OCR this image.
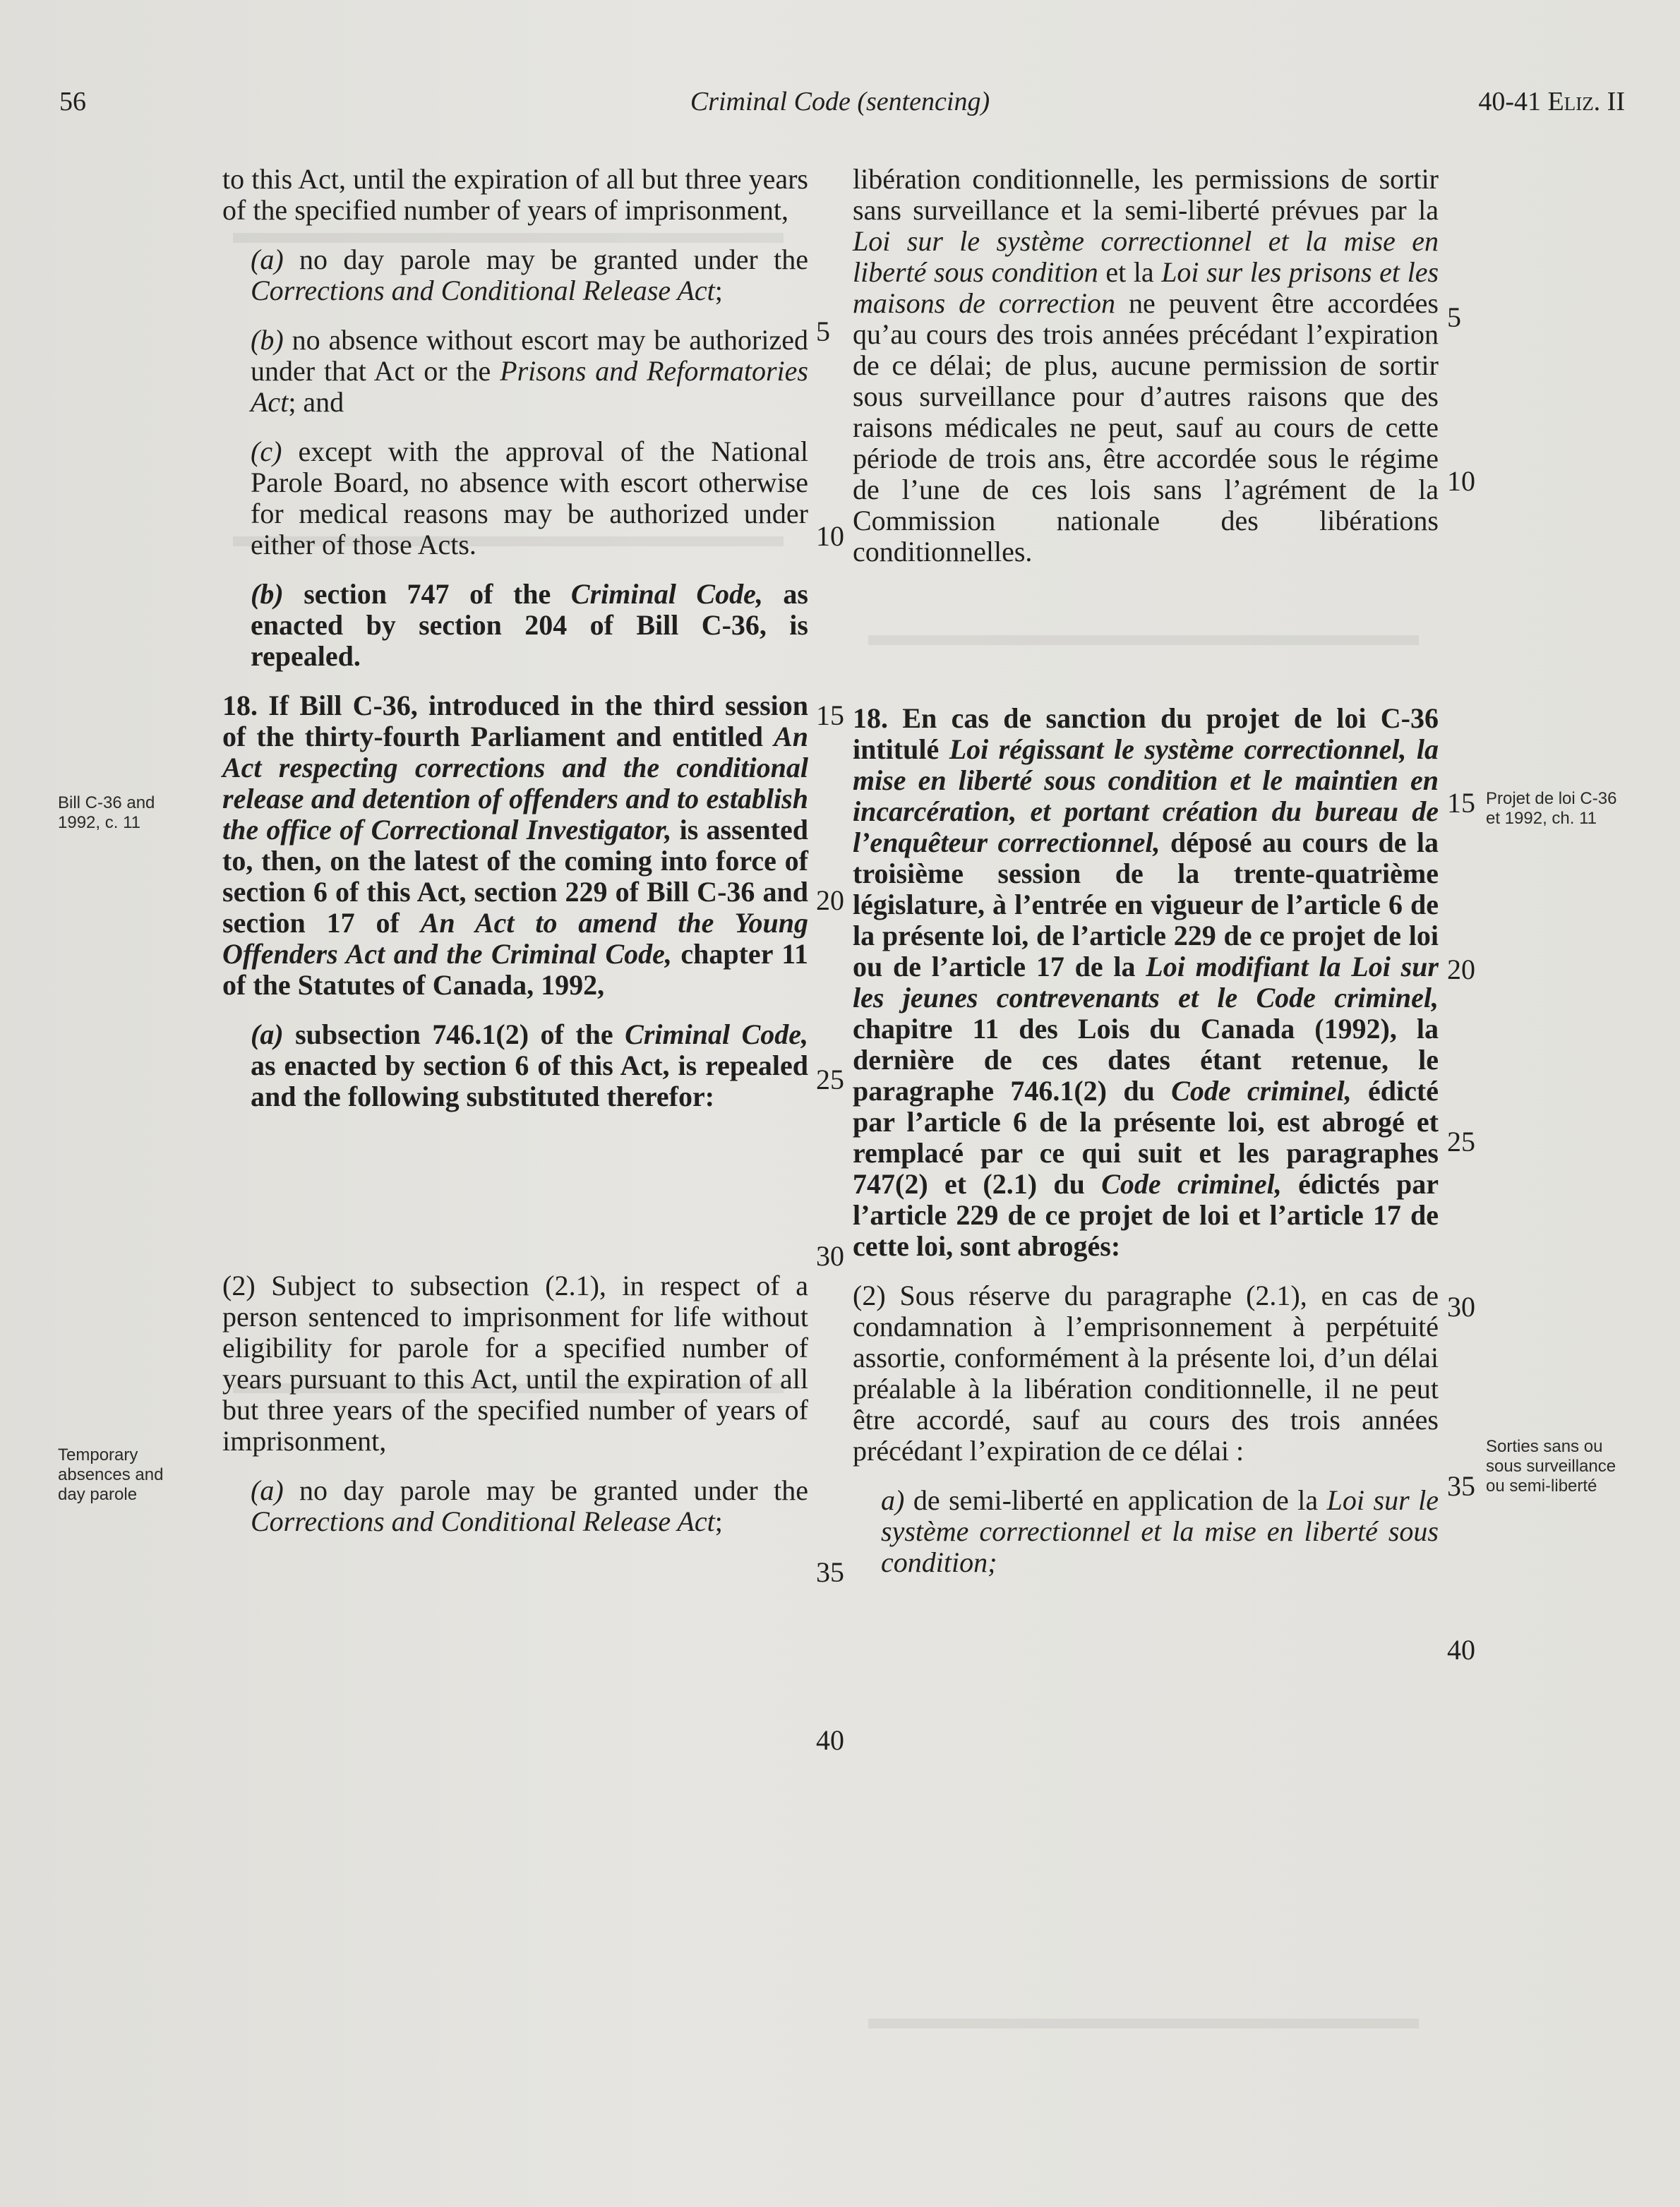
56	Criminal Code (sentencing)	40-41 Eliz. II

to this Act, until the expiration of all but three years of the specified number of years of imprisonment,

(a) no day parole may be granted under the Corrections and Conditional Release Act;

(b) no absence without escort may be authorized under that Act or the Prisons and Reformatories Act; and

(c) except with the approval of the National Parole Board, no absence with escort otherwise for medical reasons may be authorized under either of those Acts.

(b) section 747 of the Criminal Code, as enacted by section 204 of Bill C-36, is repealed.

18. If Bill C-36, introduced in the third session of the thirty-fourth Parliament and entitled An Act respecting corrections and the conditional release and detention of offenders and to establish the office of Correctional Investigator, is assented to, then, on the latest of the coming into force of section 6 of this Act, section 229 of Bill C-36 and section 17 of An Act to amend the Young Offenders Act and the Criminal Code, chapter 11 of the Statutes of Canada, 1992,

(a) subsection 746.1(2) of the Criminal Code, as enacted by section 6 of this Act, is repealed and the following substituted therefor:

(2) Subject to subsection (2.1), in respect of a person sentenced to imprisonment for life without eligibility for parole for a specified number of years pursuant to this Act, until the expiration of all but three years of the specified number of years of imprisonment,

(a) no day parole may be granted under the Corrections and Conditional Release Act;

libération conditionnelle, les permissions de sortir sans surveillance et la semi-liberté prévues par la Loi sur le système correctionnel et la mise en liberté sous condition et la Loi sur les prisons et les maisons de correction ne peuvent être accordées qu’au cours des trois années précédant l’expiration de ce délai; de plus, aucune permission de sortir sous surveillance pour d’autres raisons que des raisons médicales ne peut, sauf au cours de cette période de trois ans, être accordée sous le régime de l’une de ces lois sans l’agrément de la Commission nationale des libérations conditionnelles.

18. En cas de sanction du projet de loi C-36 intitulé Loi régissant le système correctionnel, la mise en liberté sous condition et le maintien en incarcération, et portant création du bureau de l’enquêteur correctionnel, déposé au cours de la troisième session de la trente-quatrième législature, à l’entrée en vigueur de l’article 6 de la présente loi, de l’article 229 de ce projet de loi ou de l’article 17 de la Loi modifiant la Loi sur les jeunes contrevenants et le Code criminel, chapitre 11 des Lois du Canada (1992), la dernière de ces dates étant retenue, le paragraphe 746.1(2) du Code criminel, édicté par l’article 6 de la présente loi, est abrogé et remplacé par ce qui suit et les paragraphes 747(2) et (2.1) du Code criminel, édictés par l’article 229 de ce projet de loi et l’article 17 de cette loi, sont abrogés:

(2) Sous réserve du paragraphe (2.1), en cas de condamnation à l’emprisonnement à perpétuité assortie, conformément à la présente loi, d’un délai préalable à la libération conditionnelle, il ne peut être accordé, sauf au cours des trois années précédant l’expiration de ce délai :

a) de semi-liberté en application de la Loi sur le système correctionnel et la mise en liberté sous condition;

5
10
15
20
25
30
35
40
5
10
15
20
25
30
35
40
Bill C-36 and 1992, c. 11
Temporary absences and day parole
Projet de loi C-36 et 1992, ch. 11
Sorties sans ou sous surveillance ou semi-liberté
